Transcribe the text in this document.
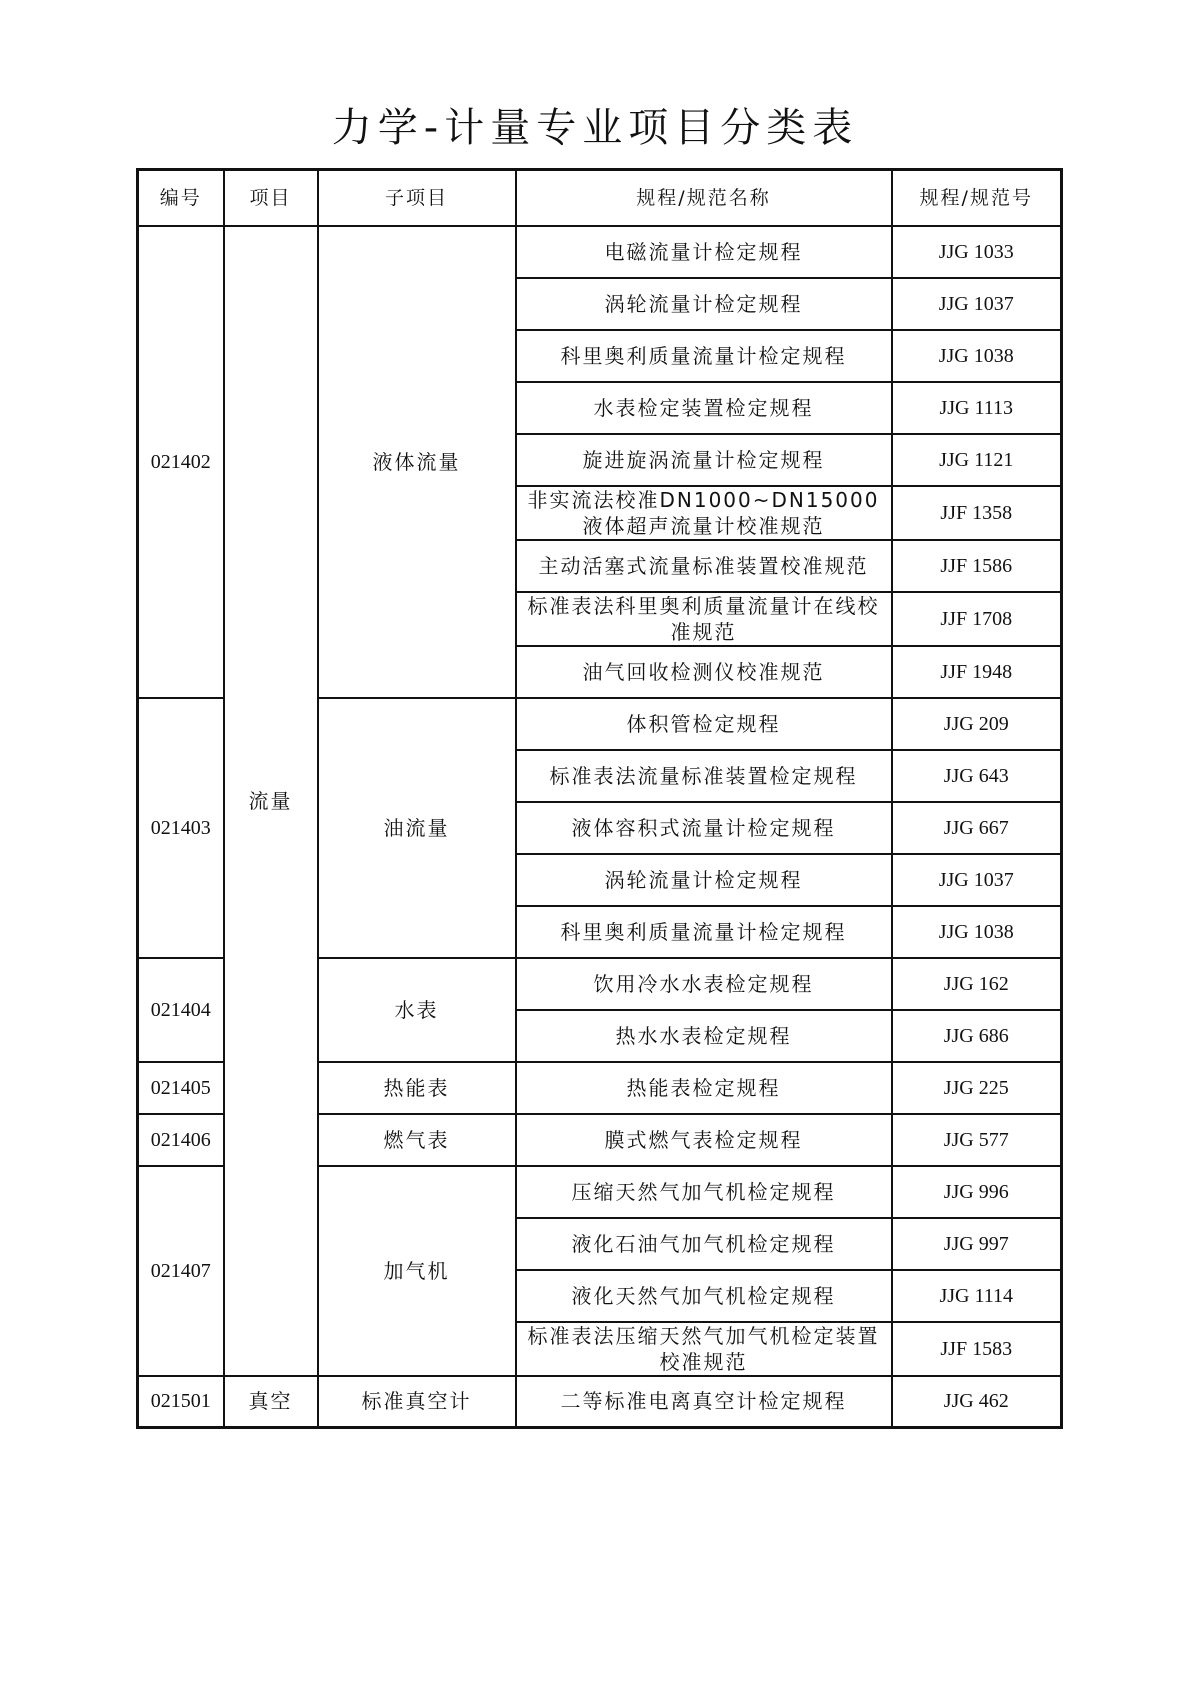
力学-计量专业项目分类表
编号	项目	子项目	规程/规范名称	规程/规范号
021402	流量	液体流量	电磁流量计检定规程	JJG 1033
			涡轮流量计检定规程	JJG 1037
			科里奥利质量流量计检定规程	JJG 1038
			水表检定装置检定规程	JJG 1113
			旋进旋涡流量计检定规程	JJG 1121
			非实流法校准DN1000~DN15000液体超声流量计校准规范	JJF 1358
			主动活塞式流量标准装置校准规范	JJF 1586
			标准表法科里奥利质量流量计在线校准规范	JJF 1708
			油气回收检测仪校准规范	JJF 1948
021403		油流量	体积管检定规程	JJG 209
			标准表法流量标准装置检定规程	JJG 643
			液体容积式流量计检定规程	JJG 667
			涡轮流量计检定规程	JJG 1037
			科里奥利质量流量计检定规程	JJG 1038
021404		水表	饮用冷水水表检定规程	JJG 162
			热水水表检定规程	JJG 686
021405		热能表	热能表检定规程	JJG 225
021406		燃气表	膜式燃气表检定规程	JJG 577
021407		加气机	压缩天然气加气机检定规程	JJG 996
			液化石油气加气机检定规程	JJG 997
			液化天然气加气机检定规程	JJG 1114
			标准表法压缩天然气加气机检定装置校准规范	JJF 1583
021501	真空	标准真空计	二等标准电离真空计检定规程	JJG 462
